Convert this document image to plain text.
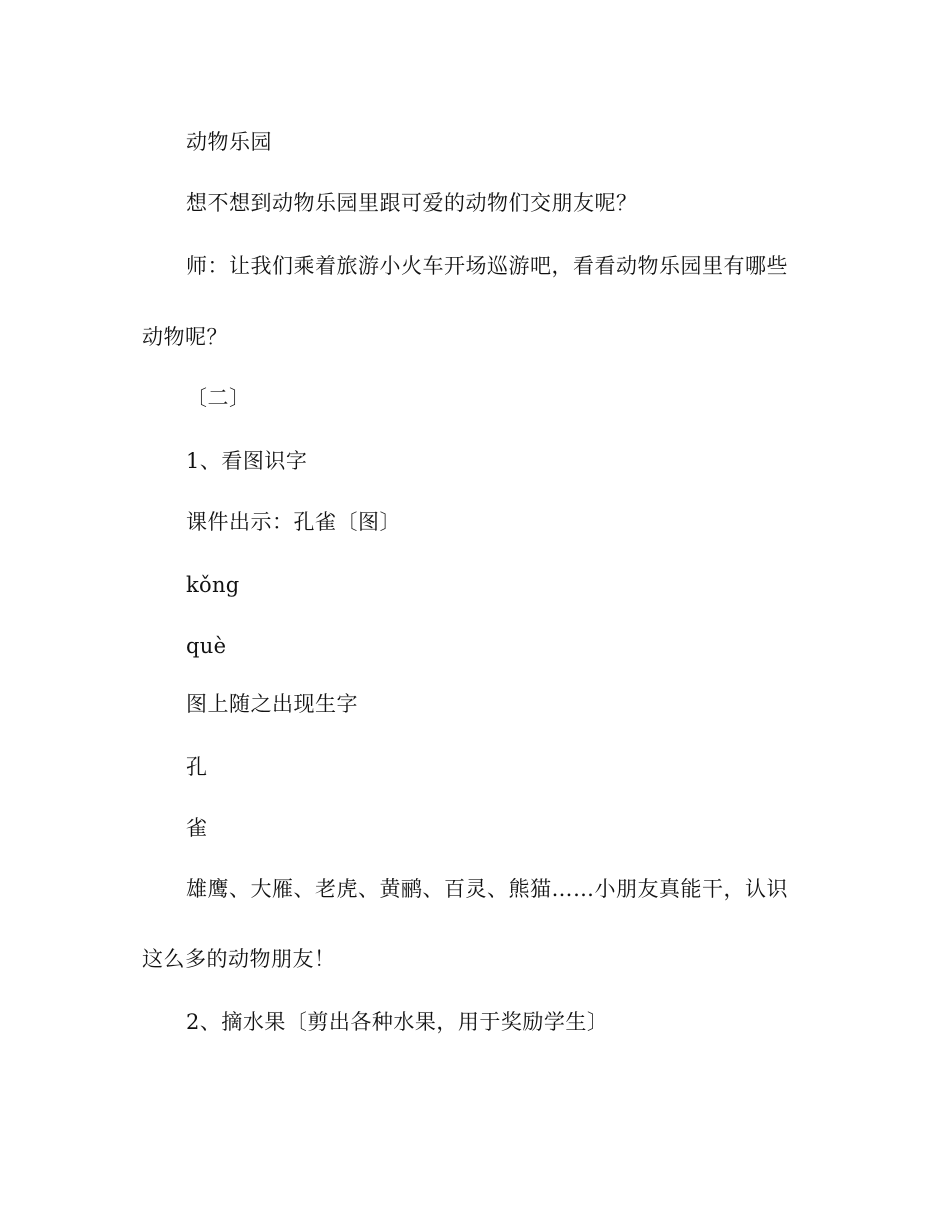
动物乐园
想不想到动物乐园里跟可爱的动物们交朋友呢？
师：让我们乘着旅游小火车开场巡游吧，看看动物乐园里有哪些
动物呢？
〔二〕
1、看图识字
课件出示：孔雀〔图〕
kǒng
què
图上随之出现生字
孔
雀
雄鹰、大雁、老虎、黄鹂、百灵、熊猫……小朋友真能干，认识
这么多的动物朋友！
2、摘水果〔剪出各种水果，用于奖励学生〕
